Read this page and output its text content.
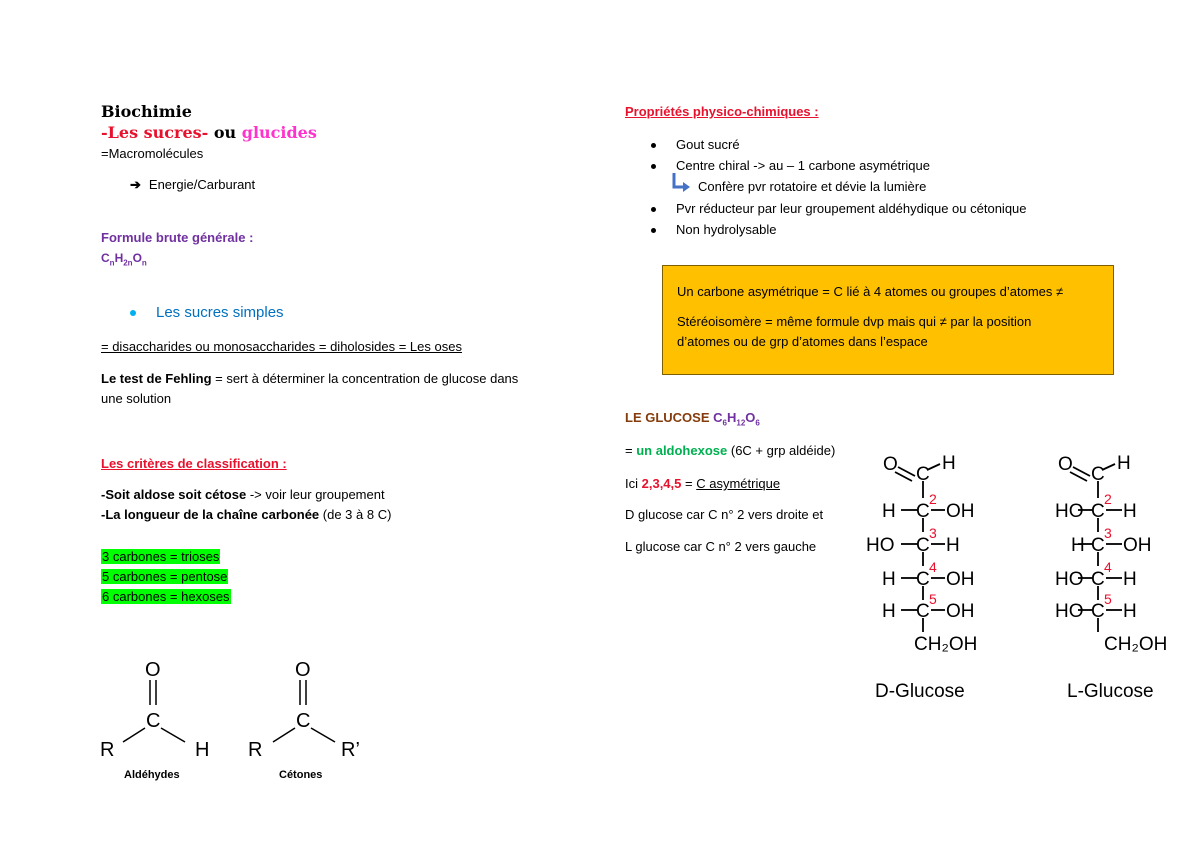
Biochimie
-Les sucres- ou glucides
=Macromolécules
➔ Energie/Carburant
Formule brute générale :
$C_nH_{2n}O_n$
Les sucres simples
= disaccharides ou monosaccharides = diholosides = Les oses
Le test de Fehling = sert à déterminer la concentration de glucose dans
une solution
Les critères de classification :
-Soit aldose soit cétose -> voir leur groupement
-La longueur de la chaîne carbonée (de 3 à 8 C)
3 carbones = trioses
5 carbones = pentose
6 carbones = hexoses
O
C
R	H
O
C
R	R’
Aldéhydes	Cétones
Propriétés physico-chimiques :
Gout sucré
Centre chiral -> au – 1 carbone asymétrique
Confère pvr rotatoire et dévie la lumière
Pvr réducteur par leur groupement aldéhydique ou cétonique
Non hydrolysable
Un carbone asymétrique = C lié à 4 atomes ou groupes d’atomes ≠
Stéréoisomère = même formule dvp mais qui ≠ par la position
d’atomes ou de grp d’atomes dans l’espace
LE GLUCOSE $C_6H_{12}O_6$
= un aldohexose (6C + grp aldéide)
Ici 2,3,4,5 = C asymétrique
D glucose car C n° 2 vers droite et
L glucose car C n° 2 vers gauche
O C
H
H C OH
HO C H
H C OH
H C OH
CH₂OH
O C
H
HO C H
H C OH
HO C H
HO C H
CH₂OH
2
3
4
5
2
3
4
5
D-Glucose	L-Glucose
